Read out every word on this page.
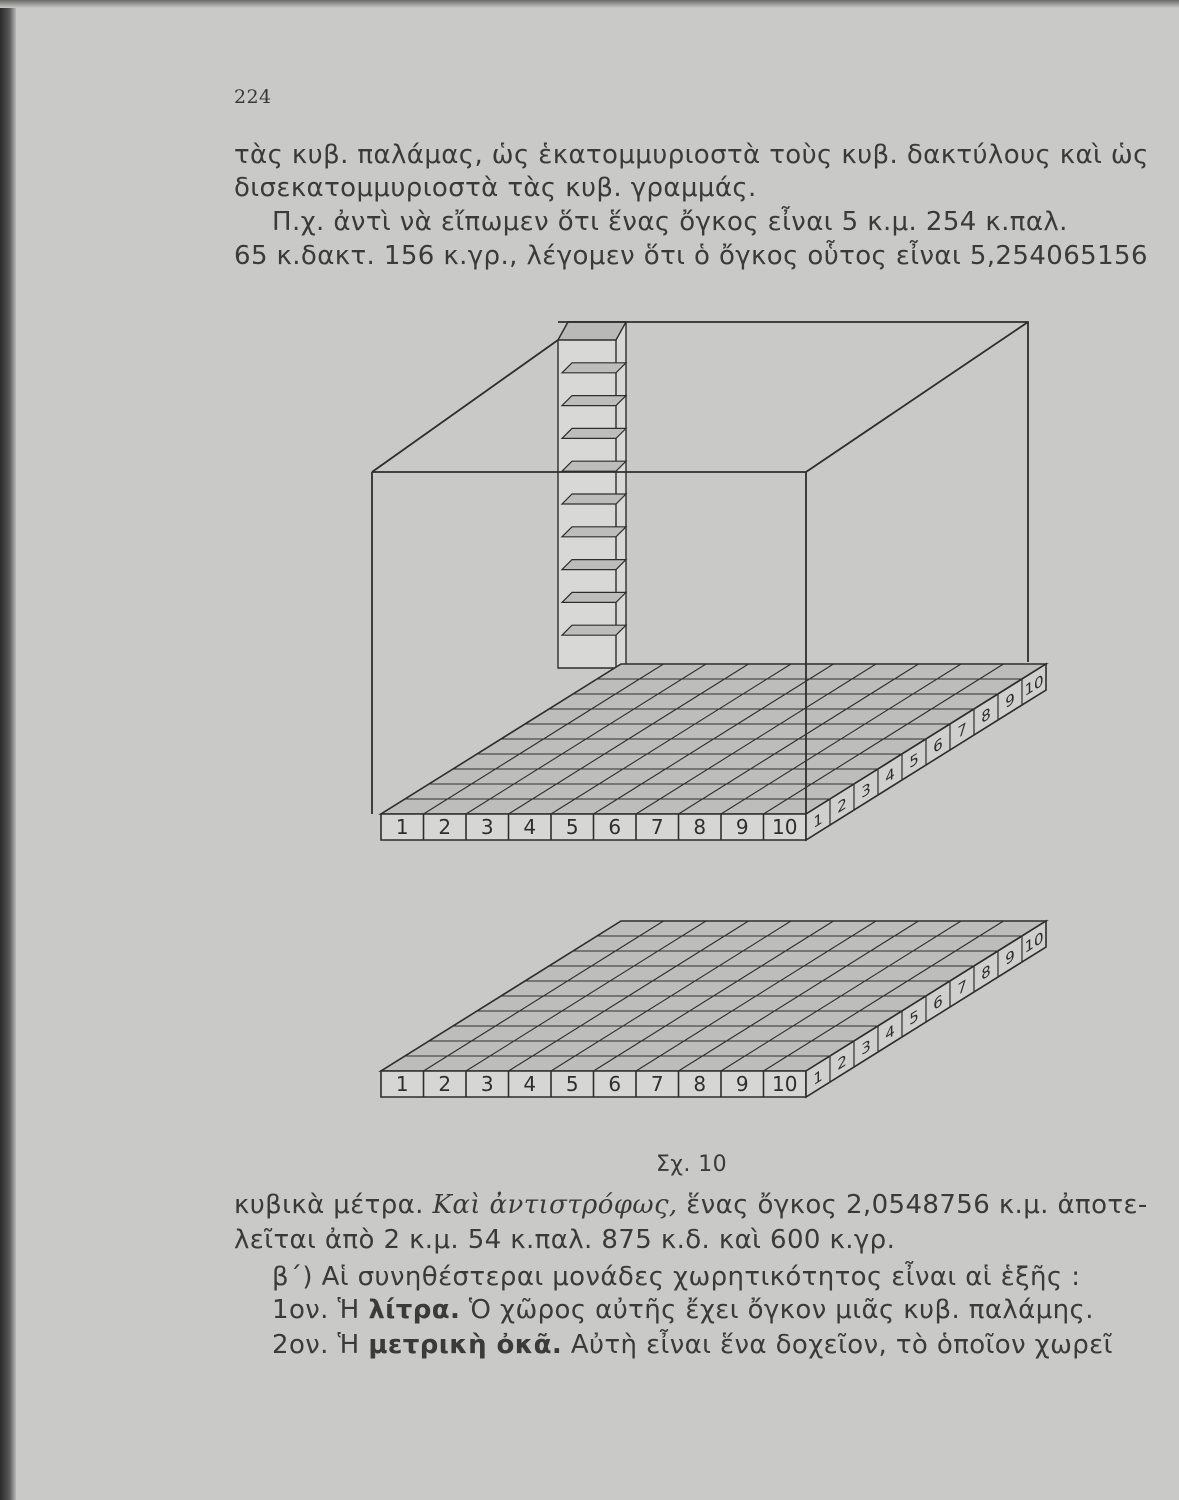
224
τὰς κυβ. παλάμας, ὡς ἑκατομμυριοστὰ τοὺς κυβ. δακτύλους καὶ ὡς
δισεκατομμυριοστὰ τὰς κυβ. γραμμάς.
Π.χ. ἀντὶ νὰ εἴπωμεν ὅτι ἕνας ὄγκος εἶναι 5 κ.μ. 254 κ.παλ.
65 κ.δακτ. 156 κ.γρ., λέγομεν ὅτι ὁ ὄγκος οὗτος εἶναι 5,254065156
1 2 3 4 5 6 7 8 9 10 1
2
3
4
5
6
7
8
9
10
1 2 3 4 5 6 7 8 9 10 1
2
3
4
5
6
7
8
9
10
Σχ. 10
κυβικὰ μέτρα. Καὶ ἀντιστρόφως, ἕνας ὄγκος 2,0548756 κ.μ. ἀποτε-
λεῖται ἀπὸ 2 κ.μ. 54 κ.παλ. 875 κ.δ. καὶ 600 κ.γρ.
β΄) Αἱ συνηθέστεραι μονάδες χωρητικότητος εἶναι αἱ ἑξῆς :
1ον. Ἡ λίτρα. Ὁ χῶρος αὐτῆς ἔχει ὄγκον μιᾶς κυβ. παλάμης.
2ον. Ἡ μετρικὴ ὀκᾶ. Αὐτὴ εἶναι ἕνα δοχεῖον, τὸ ὁποῖον χωρεῖ
